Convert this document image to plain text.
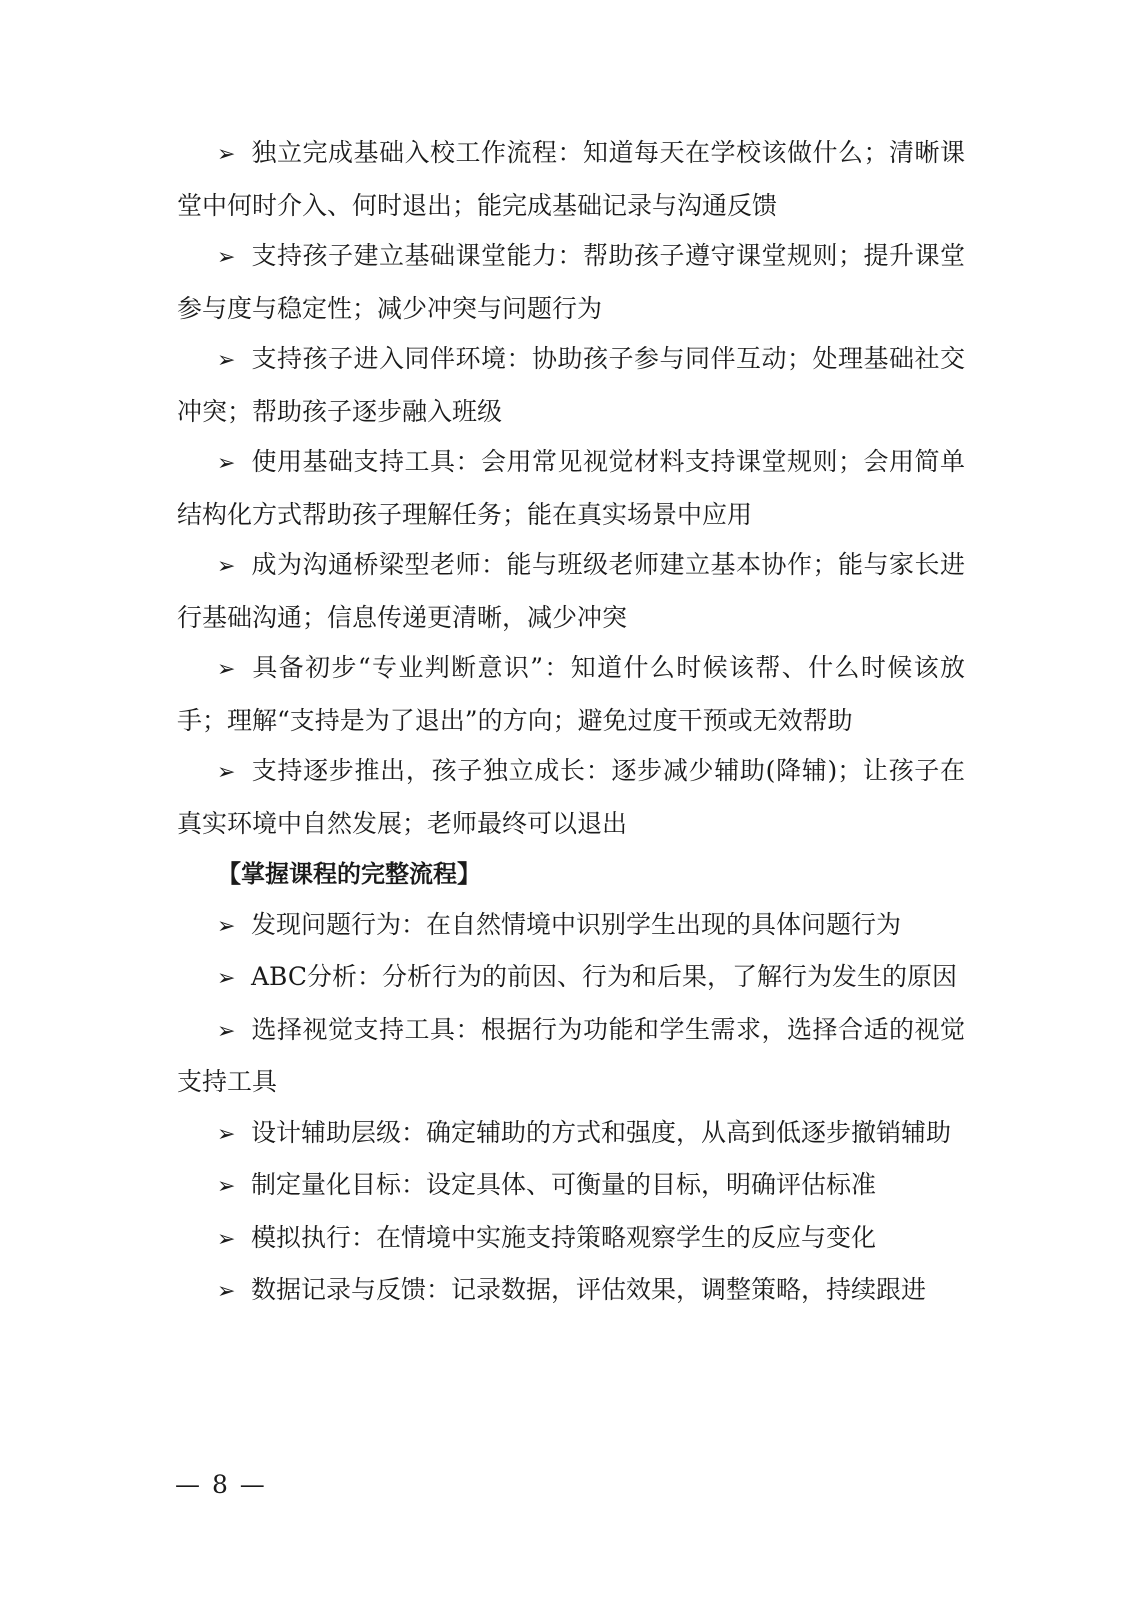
➢ 独立完成基础入校工作流程：知道每天在学校该做什么；清晰课堂中何时介入、何时退出；能完成基础记录与沟通反馈

➢ 支持孩子建立基础课堂能力：帮助孩子遵守课堂规则；提升课堂参与度与稳定性；减少冲突与问题行为

➢ 支持孩子进入同伴环境：协助孩子参与同伴互动；处理基础社交冲突；帮助孩子逐步融入班级

➢ 使用基础支持工具：会用常见视觉材料支持课堂规则；会用简单结构化方式帮助孩子理解任务；能在真实场景中应用

➢ 成为沟通桥梁型老师：能与班级老师建立基本协作；能与家长进行基础沟通；信息传递更清晰，减少冲突

➢ 具备初步“专业判断意识”：知道什么时候该帮、什么时候该放手；理解“支持是为了退出”的方向；避免过度干预或无效帮助

➢ 支持逐步推出，孩子独立成长：逐步减少辅助(降辅)；让孩子在真实环境中自然发展；老师最终可以退出

【掌握课程的完整流程】

➢ 发现问题行为：在自然情境中识别学生出现的具体问题行为

➢ ABC分析：分析行为的前因、行为和后果，了解行为发生的原因

➢ 选择视觉支持工具：根据行为功能和学生需求，选择合适的视觉支持工具

➢ 设计辅助层级：确定辅助的方式和强度，从高到低逐步撤销辅助

➢ 制定量化目标：设定具体、可衡量的目标，明确评估标准

➢ 模拟执行：在情境中实施支持策略观察学生的反应与变化

➢ 数据记录与反馈：记录数据，评估效果，调整策略，持续跟进

— 8 —
